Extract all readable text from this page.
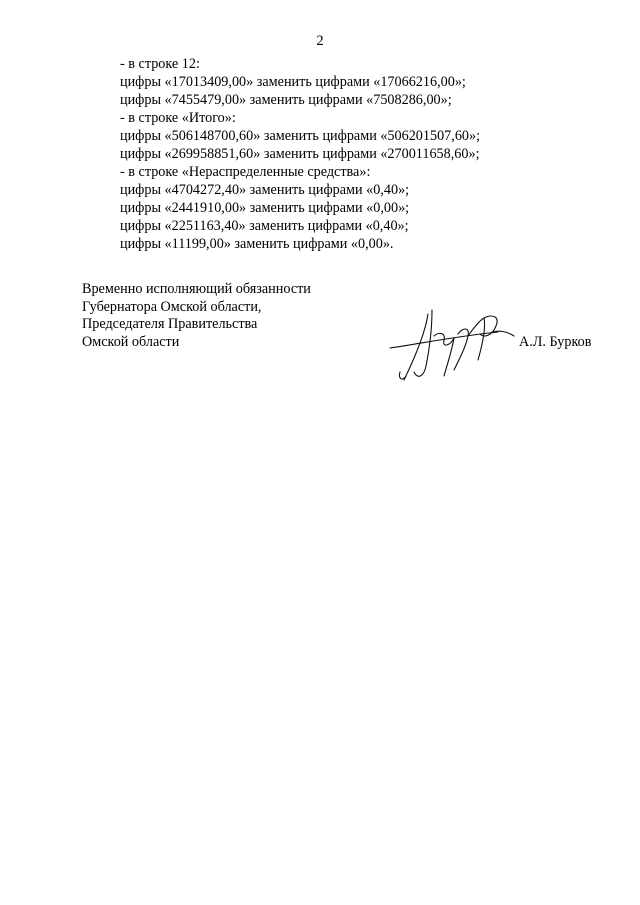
2
- в строке 12:
цифры «17013409,00» заменить цифрами «17066216,00»;
цифры «7455479,00» заменить цифрами «7508286,00»;
- в строке «Итого»:
цифры «506148700,60» заменить цифрами «506201507,60»;
цифры «269958851,60» заменить цифрами «270011658,60»;
- в строке «Нераспределенные средства»:
цифры «4704272,40» заменить цифрами «0,40»;
цифры «2441910,00» заменить цифрами «0,00»;
цифры «2251163,40» заменить цифрами «0,40»;
цифры «11199,00» заменить цифрами «0,00».
Временно исполняющий обязанности
Губернатора Омской области,
Председателя Правительства
Омской области	А.Л. Бурков
